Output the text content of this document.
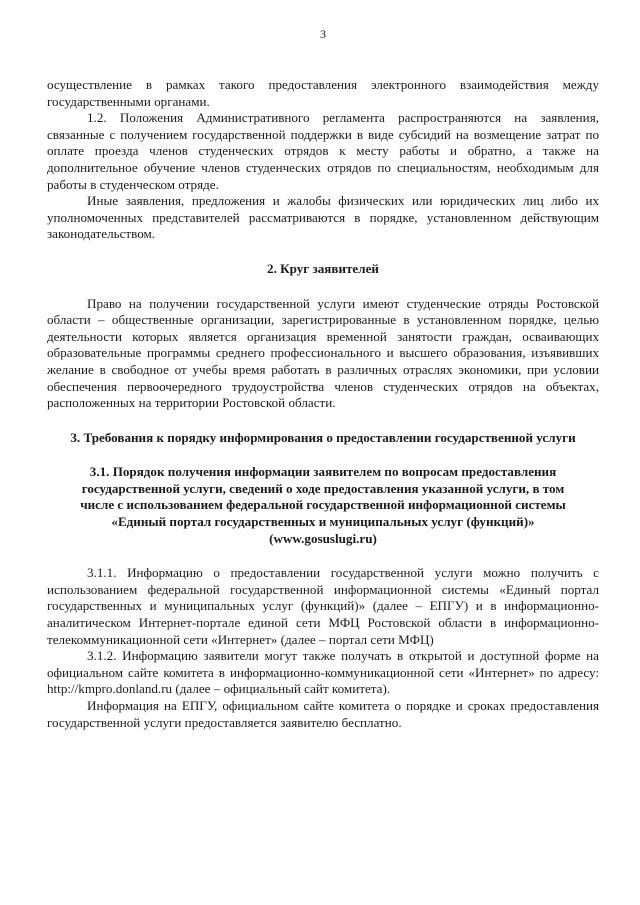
3

осуществление в рамках такого предоставления электронного взаимодействия между государственными органами.

1.2. Положения Административного регламента распространяются на заявления, связанные с получением государственной поддержки в виде субсидий на возмещение затрат по оплате проезда членов студенческих отрядов к месту работы и обратно, а также на дополнительное обучение членов студенческих отрядов по специальностям, необходимым для работы в студенческом отряде.

Иные заявления, предложения и жалобы физических или юридических лиц либо их уполномоченных представителей рассматриваются в порядке, установленном действующим законодательством.

2. Круг заявителей

Право на получении государственной услуги имеют студенческие отряды Ростовской области – общественные организации, зарегистрированные в установленном порядке, целью деятельности которых является организация временной занятости граждан, осваивающих образовательные программы среднего профессионального и высшего образования, изъявивших желание в свободное от учебы время работать в различных отраслях экономики, при условии обеспечения первоочередного трудоустройства членов студенческих отрядов на объектах, расположенных на территории Ростовской области.

3. Требования к порядку информирования о предоставлении государственной услуги
3.1. Порядок получения информации заявителем по вопросам предоставления государственной услуги, сведений о ходе предоставления указанной услуги, в том числе с использованием федеральной государственной информационной системы «Единый портал государственных и муниципальных услуг (функций)» (www.gosuslugi.ru)

3.1.1. Информацию о предоставлении государственной услуги можно получить с использованием федеральной государственной информационной системы «Единый портал государственных и муниципальных услуг (функций)» (далее – ЕПГУ) и в информационно-аналитическом Интернет-портале единой сети МФЦ Ростовской области в информационно-телекоммуникационной сети «Интернет» (далее – портал сети МФЦ)

3.1.2. Информацию заявители могут также получать в открытой и доступной форме на официальном сайте комитета в информационно-коммуникационной сети «Интернет» по адресу: http://kmpro.donland.ru (далее – официальный сайт комитета).

Информация на ЕПГУ, официальном сайте комитета о порядке и сроках предоставления государственной услуги предоставляется заявителю бесплатно.
